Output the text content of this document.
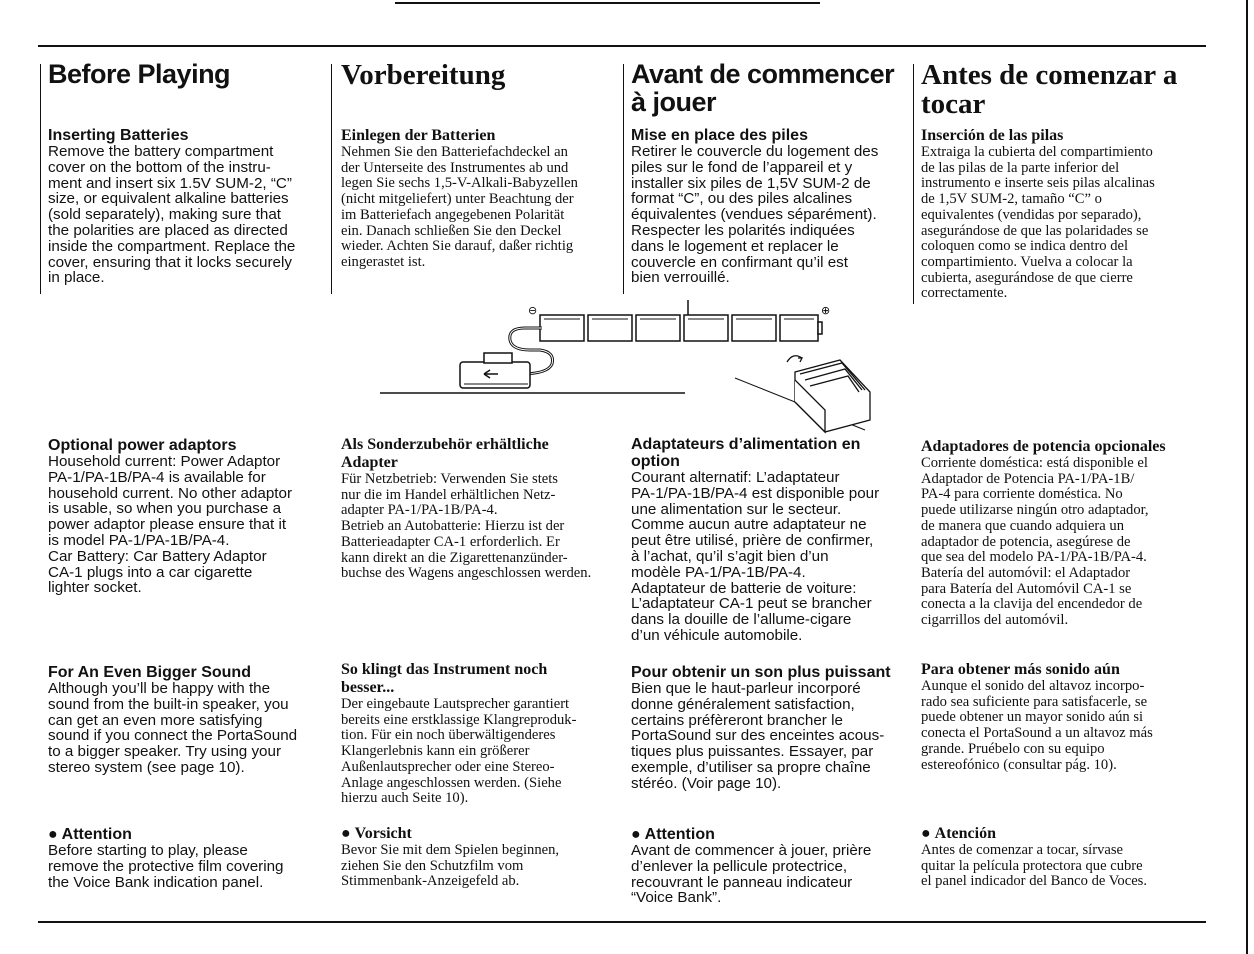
Before Playing

Inserting Batteries

Remove the battery compartment
cover on the bottom of the instru-
ment and insert six 1.5V SUM-2, “C”
size, or equivalent alkaline batteries
(sold separately), making sure that
the polarities are placed as directed
inside the compartment. Replace the
cover, ensuring that it locks securely
in place.

Optional power adaptors

Household current: Power Adaptor
PA-1/PA-1B/PA-4 is available for
household current. No other adaptor
is usable, so when you purchase a
power adaptor please ensure that it
is model PA-1/PA-1B/PA-4.
Car Battery: Car Battery Adaptor
CA-1 plugs into a car cigarette
lighter socket.

For An Even Bigger Sound

Although you’ll be happy with the
sound from the built-in speaker, you
can get an even more satisfying
sound if you connect the PortaSound
to a bigger speaker. Try using your
stereo system (see page 10).

● Attention

Before starting to play, please
remove the protective film covering
the Voice Bank indication panel.

Vorbereitung

Einlegen der Batterien

Nehmen Sie den Batteriefachdeckel an
der Unterseite des Instrumentes ab und
legen Sie sechs 1,5-V-Alkali-Babyzellen
(nicht mitgeliefert) unter Beachtung der
im Batteriefach angegebenen Polarität
ein. Danach schließen Sie den Deckel
wieder. Achten Sie darauf, daßer richtig
eingerastet ist.

Als Sonderzubehör erhältliche
Adapter

Für Netzbetrieb: Verwenden Sie stets
nur die im Handel erhältlichen Netz-
adapter PA-1/PA-1B/PA-4.
Betrieb an Autobatterie: Hierzu ist der
Batterieadapter CA-1 erforderlich. Er
kann direkt an die Zigarettenanzünder-
buchse des Wagens angeschlossen werden.

So klingt das Instrument noch
besser...

Der eingebaute Lautsprecher garantiert
bereits eine erstklassige Klangreproduk-
tion. Für ein noch überwältigenderes
Klangerlebnis kann ein größerer
Außenlautsprecher oder eine Stereo-
Anlage angeschlossen werden. (Siehe
hierzu auch Seite 10).

● Vorsicht

Bevor Sie mit dem Spielen beginnen,
ziehen Sie den Schutzfilm vom
Stimmenbank-Anzeigefeld ab.

Avant de commencer
à jouer

Mise en place des piles

Retirer le couvercle du logement des
piles sur le fond de l’appareil et y
installer six piles de 1,5V SUM-2 de
format “C”, ou des piles alcalines
équivalentes (vendues séparément).
Respecter les polarités indiquées
dans le logement et replacer le
couvercle en confirmant qu’il est
bien verrouillé.

Adaptateurs d’alimentation en
option

Courant alternatif: L’adaptateur
PA-1/PA-1B/PA-4 est disponible pour
une alimentation sur le secteur.
Comme aucun autre adaptateur ne
peut être utilisé, prière de confirmer,
à l’achat, qu’il s’agit bien d’un
modèle PA-1/PA-1B/PA-4.
Adaptateur de batterie de voiture:
L’adaptateur CA-1 peut se brancher
dans la douille de l’allume-cigare
d’un véhicule automobile.

Pour obtenir un son plus puissant

Bien que le haut-parleur incorporé
donne généralement satisfaction,
certains préfèreront brancher le
PortaSound sur des enceintes acous-
tiques plus puissantes. Essayer, par
exemple, d’utiliser sa propre chaîne
stéréo. (Voir page 10).

● Attention

Avant de commencer à jouer, prière
d’enlever la pellicule protectrice,
recouvrant le panneau indicateur
“Voice Bank”.

Antes de comenzar a
tocar

Inserción de las pilas

Extraiga la cubierta del compartimiento
de las pilas de la parte inferior del
instrumento e inserte seis pilas alcalinas
de 1,5V SUM-2, tamaño “C” o
equivalentes (vendidas por separado),
asegurándose de que las polaridades se
coloquen como se indica dentro del
compartimiento. Vuelva a colocar la
cubierta, asegurándose de que cierre
correctamente.

Adaptadores de potencia opcionales

Corriente doméstica: está disponible el
Adaptador de Potencia PA-1/PA-1B/
PA-4 para corriente doméstica. No
puede utilizarse ningún otro adaptador,
de manera que cuando adquiera un
adaptador de potencia, asegúrese de
que sea del modelo PA-1/PA-1B/PA-4.
Batería del automóvil: el Adaptador
para Batería del Automóvil CA-1 se
conecta a la clavija del encendedor de
cigarrillos del automóvil.

Para obtener más sonido aún

Aunque el sonido del altavoz incorpo-
rado sea suficiente para satisfacerle, se
puede obtener un mayor sonido aún si
conecta el PortaSound a un altavoz más
grande. Pruébelo con su equipo
estereofónico (consultar pág. 10).

● Atención

Antes de comenzar a tocar, sírvase
quitar la película protectora que cubre
el panel indicador del Banco de Voces.

⊖	⊕
